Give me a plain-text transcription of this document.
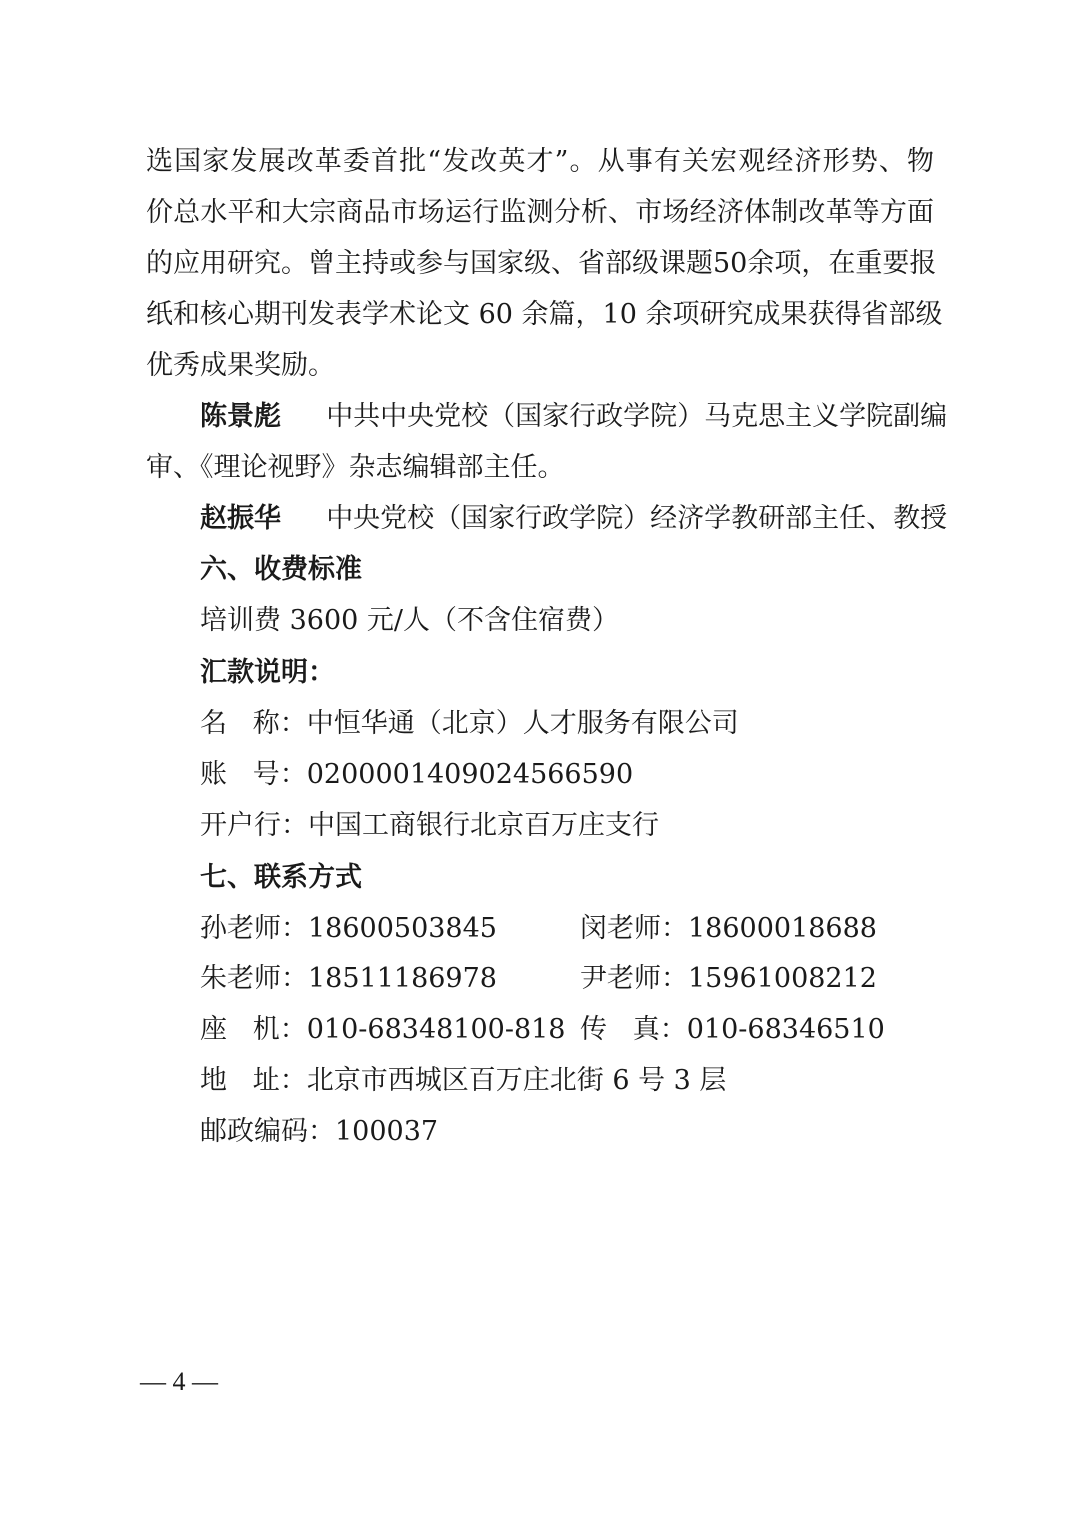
选国家发展改革委首批“发改英才”。从事有关宏观经济形势、物
价总水平和大宗商品市场运行监测分析、市场经济体制改革等方面
的应用研究。曾主持或参与国家级、省部级课题50余项，在重要报
纸和核心期刊发表学术论文 60 余篇，10 余项研究成果获得省部级
优秀成果奖励。
陈景彪 中共中央党校（国家行政学院）马克思主义学院副编
审、《理论视野》杂志编辑部主任。
赵振华 中央党校（国家行政学院）经济学教研部主任、教授
六、收费标准
培训费 3600 元/人（不含住宿费）
汇款说明：
名   称：中恒华通（北京）人才服务有限公司
账   号：0200001409024566590
开户行：中国工商银行北京百万庄支行
七、联系方式
孙老师：18600503845	闵老师：18600018688
朱老师：18511186978	尹老师：15961008212
座   机：010-68348100-818 传   真：010-68346510
地   址：北京市西城区百万庄北街 6 号 3 层
邮政编码：100037
— 4 —
